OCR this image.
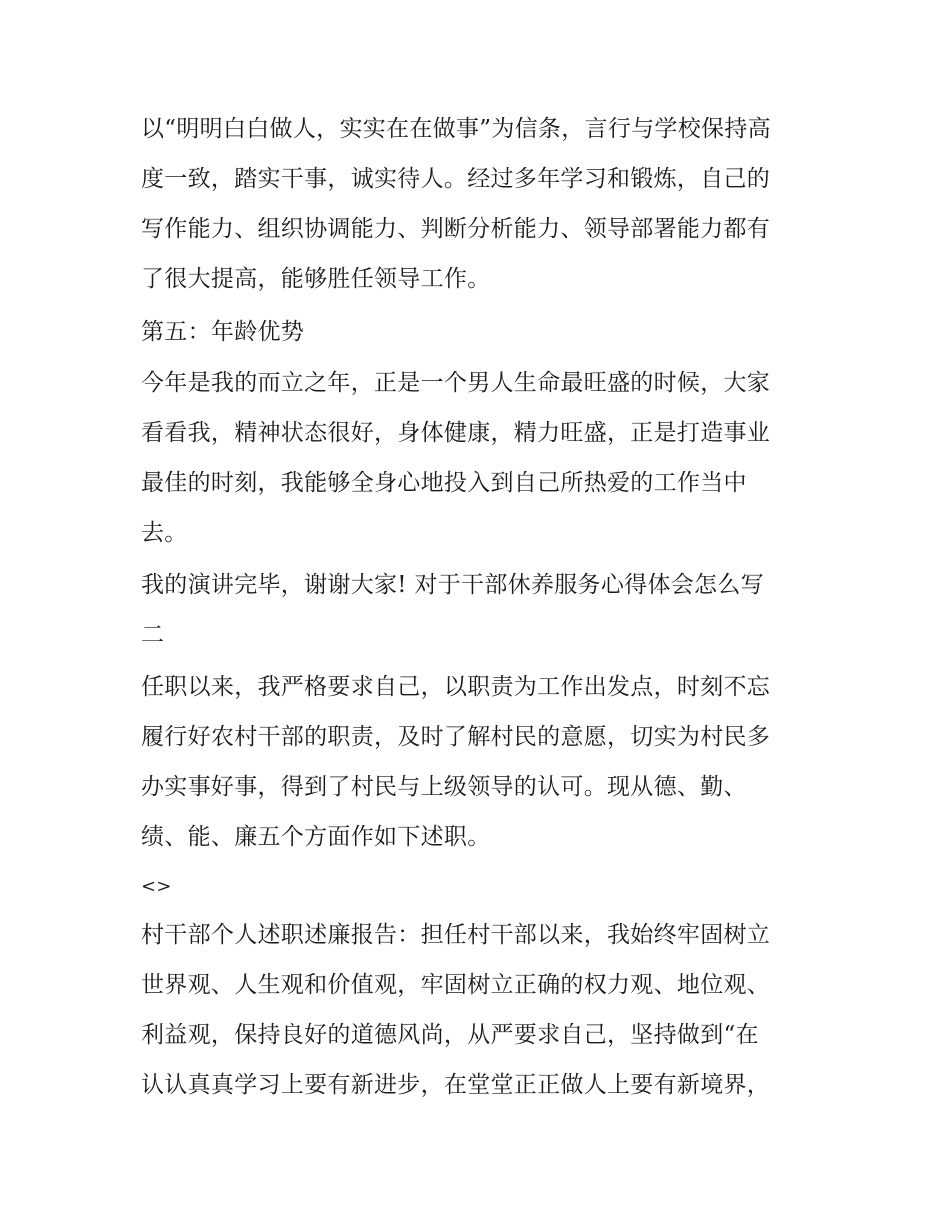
以“明明白白做人，实实在在做事”为信条，言行与学校保持高
度一致，踏实干事，诚实待人。经过多年学习和锻炼，自己的
写作能力、组织协调能力、判断分析能力、领导部署能力都有
了很大提高，能够胜任领导工作。
第五：年龄优势
今年是我的而立之年，正是一个男人生命最旺盛的时候，大家
看看我，精神状态很好，身体健康，精力旺盛，正是打造事业
最佳的时刻，我能够全身心地投入到自己所热爱的工作当中
去。
我的演讲完毕，谢谢大家! 对于干部休养服务心得体会怎么写
二
任职以来，我严格要求自己，以职责为工作出发点，时刻不忘
履行好农村干部的职责，及时了解村民的意愿，切实为村民多
办实事好事，得到了村民与上级领导的认可。现从德、勤、
绩、能、廉五个方面作如下述职。
<>
村干部个人述职述廉报告：担任村干部以来，我始终牢固树立
世界观、人生观和价值观，牢固树立正确的权力观、地位观、
利益观，保持良好的道德风尚，从严要求自己，坚持做到“在
认认真真学习上要有新进步，在堂堂正正做人上要有新境界，
